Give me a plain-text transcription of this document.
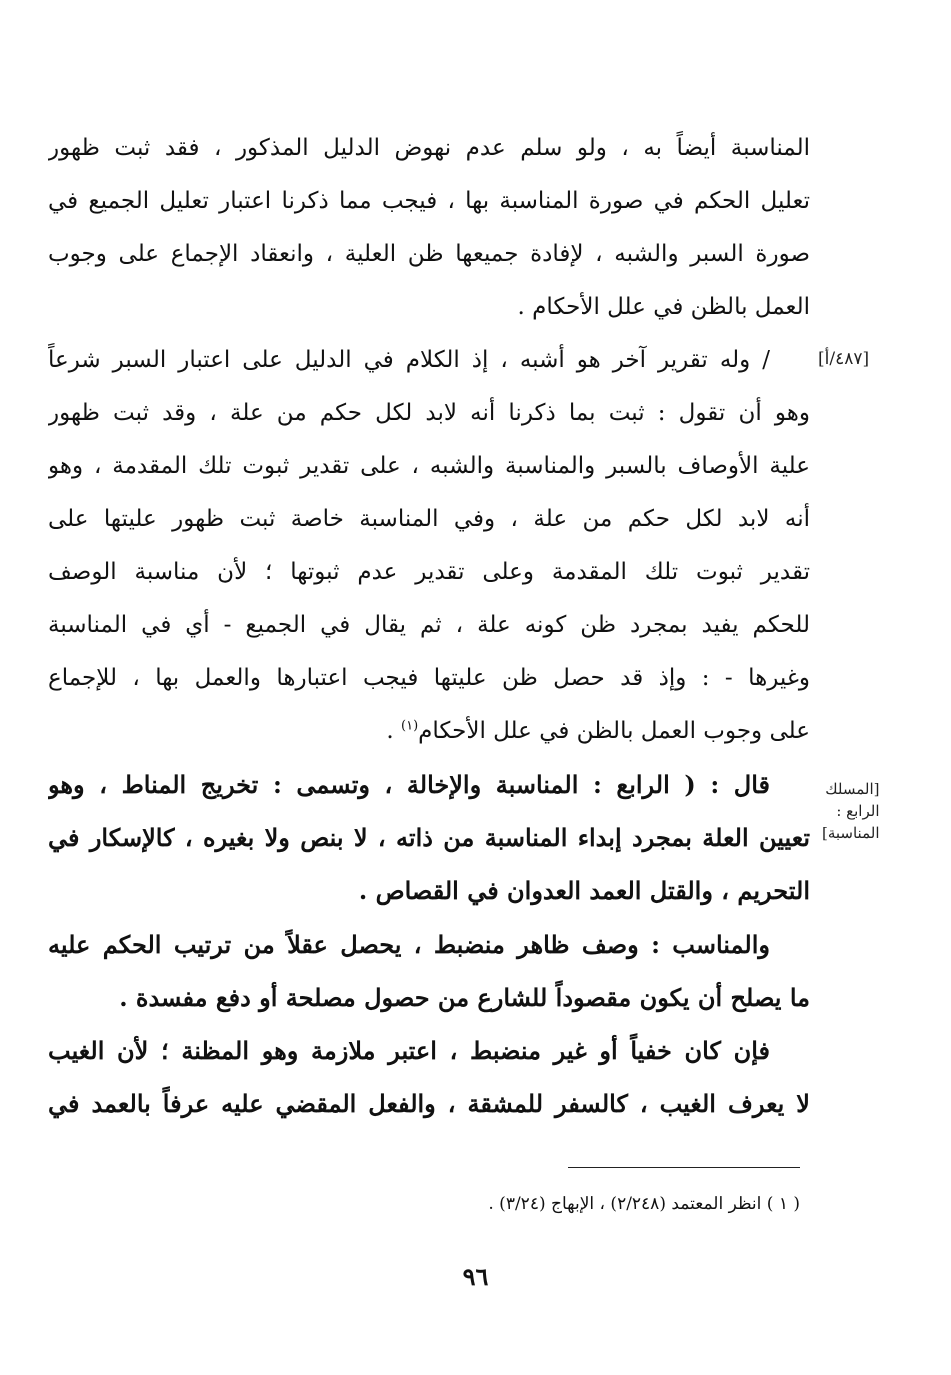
المناسبة أيضاً به ، ولو سلم عدم نهوض الدليل المذكور ، فقد ثبت ظهور
تعليل الحكم في صورة المناسبة بها ، فيجب مما ذكرنا اعتبار تعليل الجميع في
صورة السبر والشبه ، لإفادة جميعها ظن العلية ، وانعقاد الإجماع على وجوب
العمل بالظن في علل الأحكام .
[٤٨٧/أ]
/ وله تقرير آخر هو أشبه ، إذ الكلام في الدليل على اعتبار السبر شرعاً
وهو أن تقول : ثبت بما ذكرنا أنه لابد لكل حكم من علة ، وقد ثبت ظهور
علية الأوصاف بالسبر والمناسبة والشبه ، على تقدير ثبوت تلك المقدمة ، وهو
أنه لابد لكل حكم من علة ، وفي المناسبة خاصة ثبت ظهور عليتها على
تقدير ثبوت تلك المقدمة وعلى تقدير عدم ثبوتها ؛ لأن مناسبة الوصف
للحكم يفيد بمجرد ظن كونه علة ، ثم يقال في الجميع - أي في المناسبة
وغيرها - : وإذ قد حصل ظن عليتها فيجب اعتبارها والعمل بها ، للإجماع
على وجوب العمل بالظن في علل الأحكام$^{(١)}$ .
[المسلك
الرابع :
المناسبة]
قال : ( الرابع : المناسبة والإخالة ، وتسمى : تخريج المناط ، وهو
تعيين العلة بمجرد إبداء المناسبة من ذاته ، لا بنص ولا بغيره ، كالإسكار في
التحريم ، والقتل العمد العدوان في القصاص .
والمناسب : وصف ظاهر منضبط ، يحصل عقلاً من ترتيب الحكم عليه
ما يصلح أن يكون مقصوداً للشارع من حصول مصلحة أو دفع مفسدة .
فإن كان خفياً أو غير منضبط ، اعتبر ملازمة وهو المظنة ؛ لأن الغيب
لا يعرف الغيب ، كالسفر للمشقة ، والفعل المقضي عليه عرفاً بالعمد في
( ١ ) انظر المعتمد (٢/٢٤٨) ، الإبهاج (٣/٢٤) .
٩٦
